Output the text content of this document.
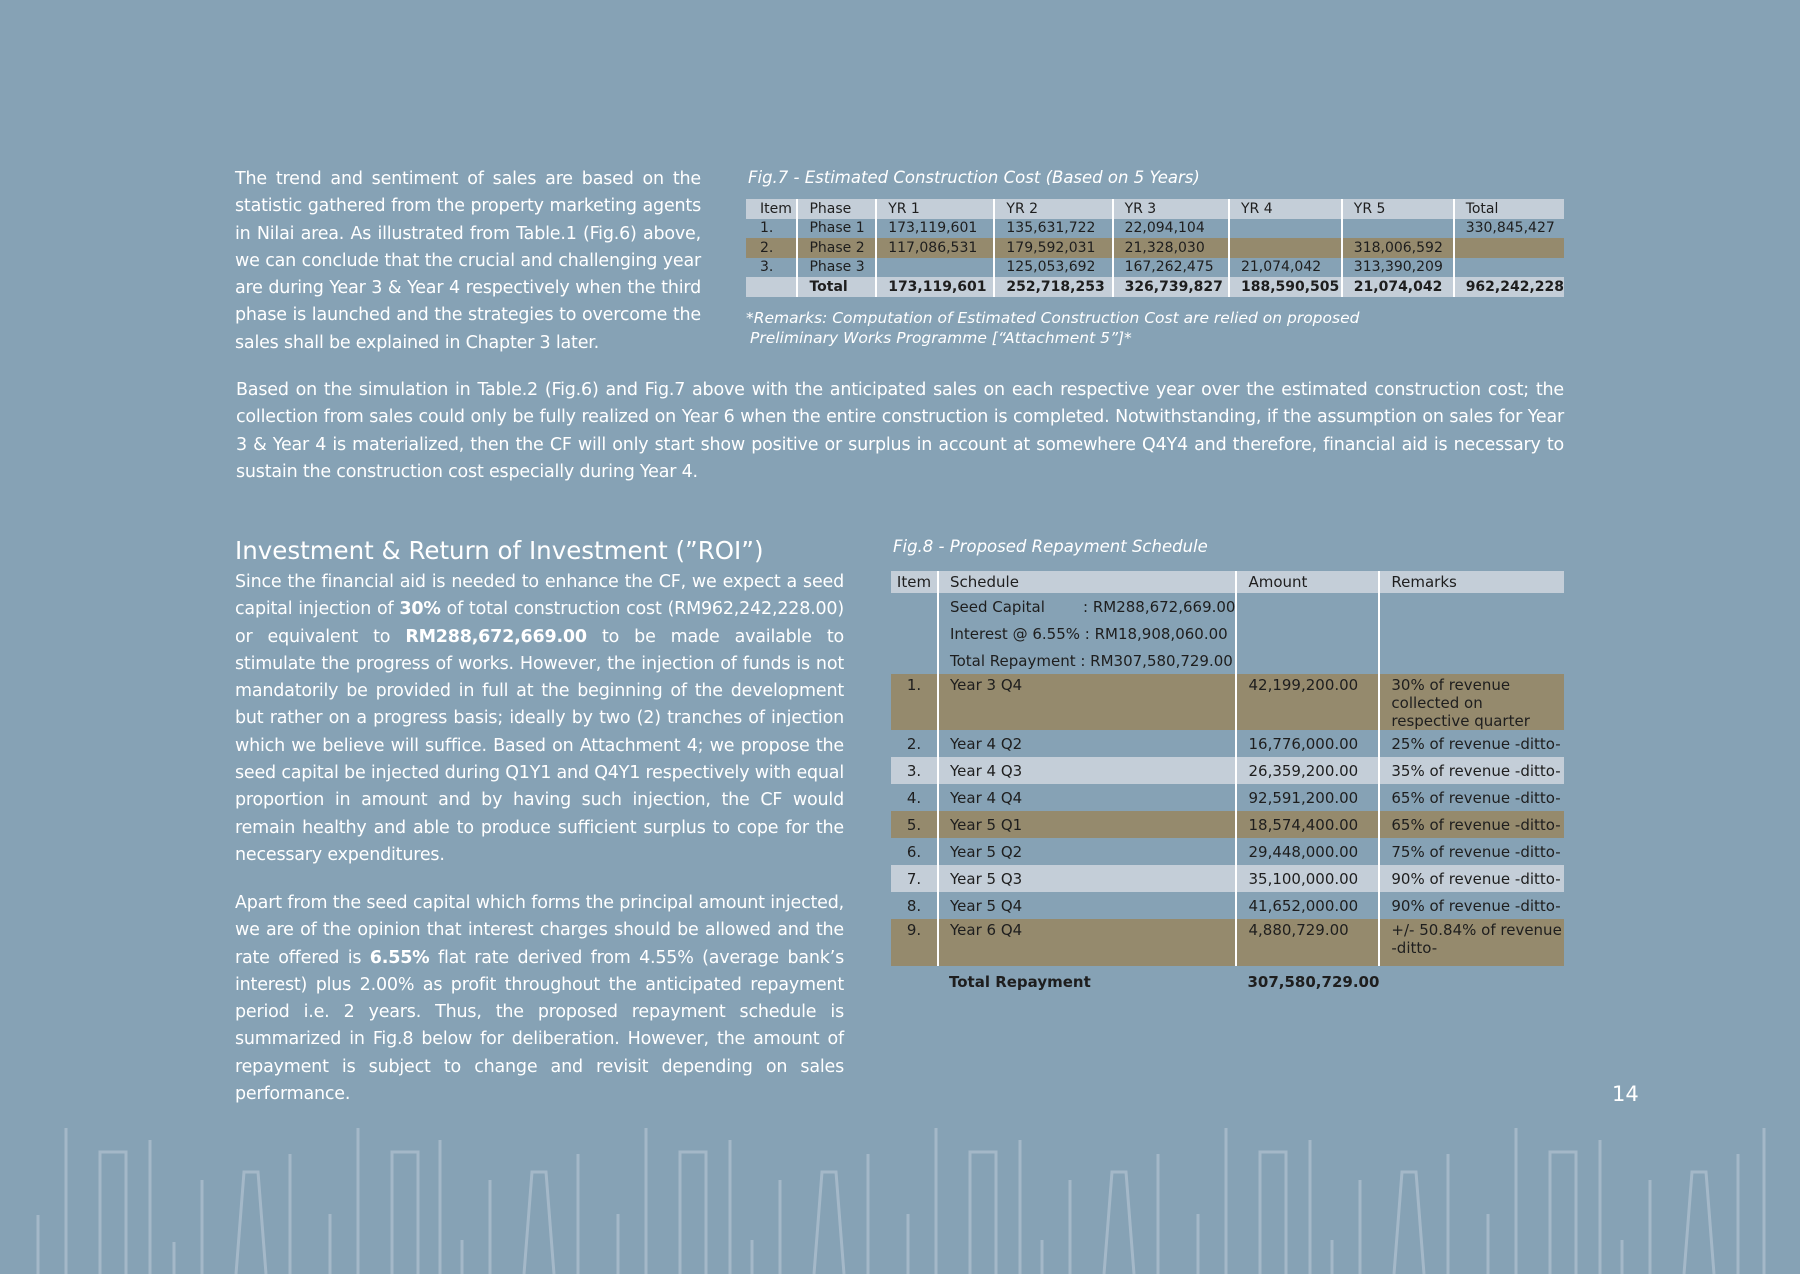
The trend and sentiment of sales are based on the statistic gathered from the property marketing agents in Nilai area. As illustrated from Table.1 (Fig.6) above, we can conclude that the crucial and challenging year are during Year 3 & Year 4 respectively when the third phase is launched and the strategies to overcome the sales shall be explained in Chapter 3 later.

Fig.7 - Estimated Construction Cost (Based on 5 Years)

Item	Phase	YR 1	YR 2	YR 3	YR 4	YR 5	Total
1.	Phase 1	173,119,601	135,631,722	22,094,104			330,845,427
2.	Phase 2	117,086,531	179,592,031	21,328,030		318,006,592	
3.	Phase 3		125,053,692	167,262,475	21,074,042	313,390,209	
	Total	173,119,601	252,718,253	326,739,827	188,590,505	21,074,042	962,242,228
*Remarks: Computation of Estimated Construction Cost are relied on proposed
Preliminary Works Programme [“Attachment 5”]*

Based on the simulation in Table.2 (Fig.6) and Fig.7 above with the anticipated sales on each respective year over the estimated construction cost; the collection from sales could only be fully realized on Year 6 when the entire construction is completed. Notwithstanding, if the assumption on sales for Year 3 & Year 4 is materialized, then the CF will only start show positive or surplus in account at somewhere Q4Y4 and therefore, financial aid is necessary to sustain the construction cost especially during Year 4.

Investment & Return of Investment (”ROI”)

Since the financial aid is needed to enhance the CF, we expect a seed capital injection of 30% of total construction cost (RM962,242,228.00) or equivalent to RM288,672,669.00 to be made available to stimulate the progress of works. However, the injection of funds is not mandatorily be provided in full at the beginning of the development but rather on a progress basis; ideally by two (2) tranches of injection which we believe will suffice. Based on Attachment 4; we propose the seed capital be injected during Q1Y1 and Q4Y1 respectively with equal proportion in amount and by having such injection, the CF would remain healthy and able to produce sufficient surplus to cope for the necessary expenditures.

Apart from the seed capital which forms the principal amount injected, we are of the opinion that interest charges should be allowed and the rate offered is 6.55% flat rate derived from 4.55% (average bank’s interest) plus 2.00% as profit throughout the anticipated repayment period i.e. 2 years. Thus, the proposed repayment schedule is summarized in Fig.8 below for deliberation. However, the amount of repayment is subject to change and revisit depending on sales performance.

Fig.8 - Proposed Repayment Schedule

Item	Schedule	Amount	Remarks
	Seed Capital        : RM288,672,669.00		
	Interest @ 6.55% : RM18,908,060.00		
	Total Repayment : RM307,580,729.00		
1.	Year 3 Q4	42,199,200.00	30% of revenue collected on respective quarter
2.	Year 4 Q2	16,776,000.00	25% of revenue -ditto-
3.	Year 4 Q3	26,359,200.00	35% of revenue -ditto-
4.	Year 4 Q4	92,591,200.00	65% of revenue -ditto-
5.	Year 5 Q1	18,574,400.00	65% of revenue -ditto-
6.	Year 5 Q2	29,448,000.00	75% of revenue -ditto-
7.	Year 5 Q3	35,100,000.00	90% of revenue -ditto-
8.	Year 5 Q4	41,652,000.00	90% of revenue -ditto-
9.	Year 6 Q4	4,880,729.00	+/- 50.84% of revenue -ditto-
	Total Repayment	307,580,729.00	

14
